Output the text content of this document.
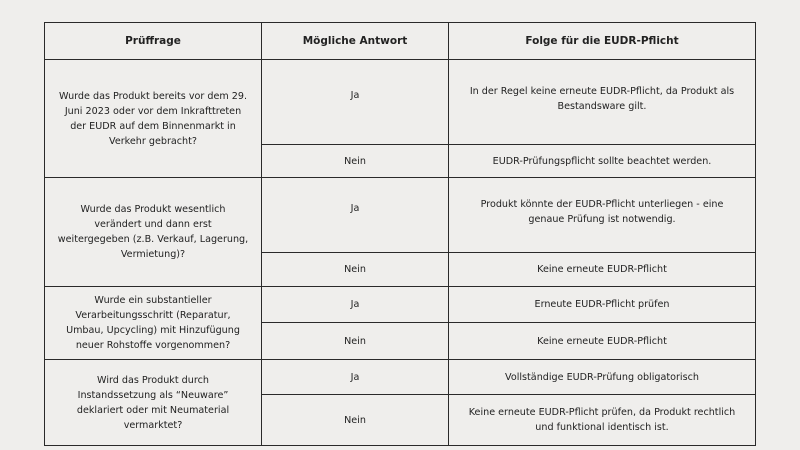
Prüffrage	Mögliche Antwort	Folge für die EUDR-Pflicht
Wurde das Produkt bereits vor dem 29. Juni 2023 oder vor dem Inkrafttreten der EUDR auf dem Binnenmarkt in Verkehr gebracht?	Ja	In der Regel keine erneute EUDR-Pflicht, da Produkt als Bestandsware gilt.
	Nein	EUDR-Prüfungspflicht sollte beachtet werden.
Wurde das Produkt wesentlich verändert und dann erst weitergegeben (z.B. Verkauf, Lagerung, Vermietung)?	Ja	Produkt könnte der EUDR-Pflicht unterliegen - eine genaue Prüfung ist notwendig.
	Nein	Keine erneute EUDR-Pflicht
Wurde ein substantieller Verarbeitungsschritt (Reparatur, Umbau, Upcycling) mit Hinzufügung neuer Rohstoffe vorgenommen?	Ja	Erneute EUDR-Pflicht prüfen
	Nein	Keine erneute EUDR-Pflicht
Wird das Produkt durch Instandssetzung als “Neuware” deklariert oder mit Neumaterial vermarktet?	Ja	Vollständige EUDR-Prüfung obligatorisch
	Nein	Keine erneute EUDR-Pflicht prüfen, da Produkt rechtlich und funktional identisch ist.
